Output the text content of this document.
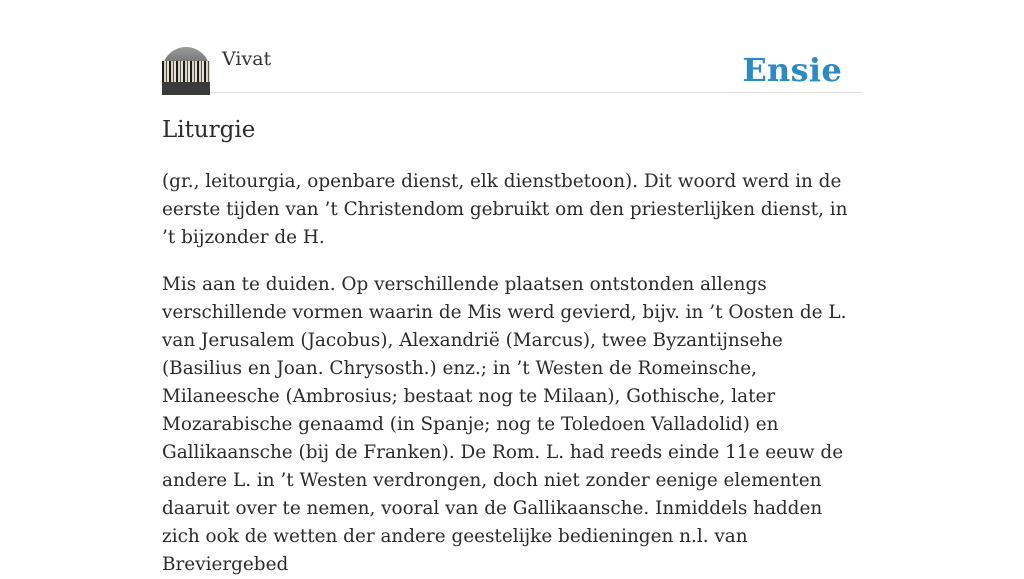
Vivat	Ensie
Liturgie

(gr., leitourgia, openbare dienst, elk dienstbetoon). Dit woord werd in de eerste tijden van ’t Christendom gebruikt om den priesterlijken dienst, in ’t bijzonder de H.

Mis aan te duiden. Op verschillende plaatsen ontstonden allengs verschillende vormen waarin de Mis werd gevierd, bijv. in ’t Oosten de L. van Jerusalem (Jacobus), Alexandrië (Marcus), twee Byzantijnsehe (Basilius en Joan. Chrysosth.) enz.; in ’t Westen de Romeinsche, Milaneesche (Ambrosius; bestaat nog te Milaan), Gothische, later Mozarabische genaamd (in Spanje; nog te Toledoen Valladolid) en Gallikaansche (bij de Franken). De Rom. L. had reeds einde 11e eeuw de andere L. in ’t Westen verdrongen, doch niet zonder eenige elementen daaruit over te nemen, vooral van de Gallikaansche. Inmiddels hadden zich ook de wetten der andere geestelijke bedieningen n.l. van Breviergebed
